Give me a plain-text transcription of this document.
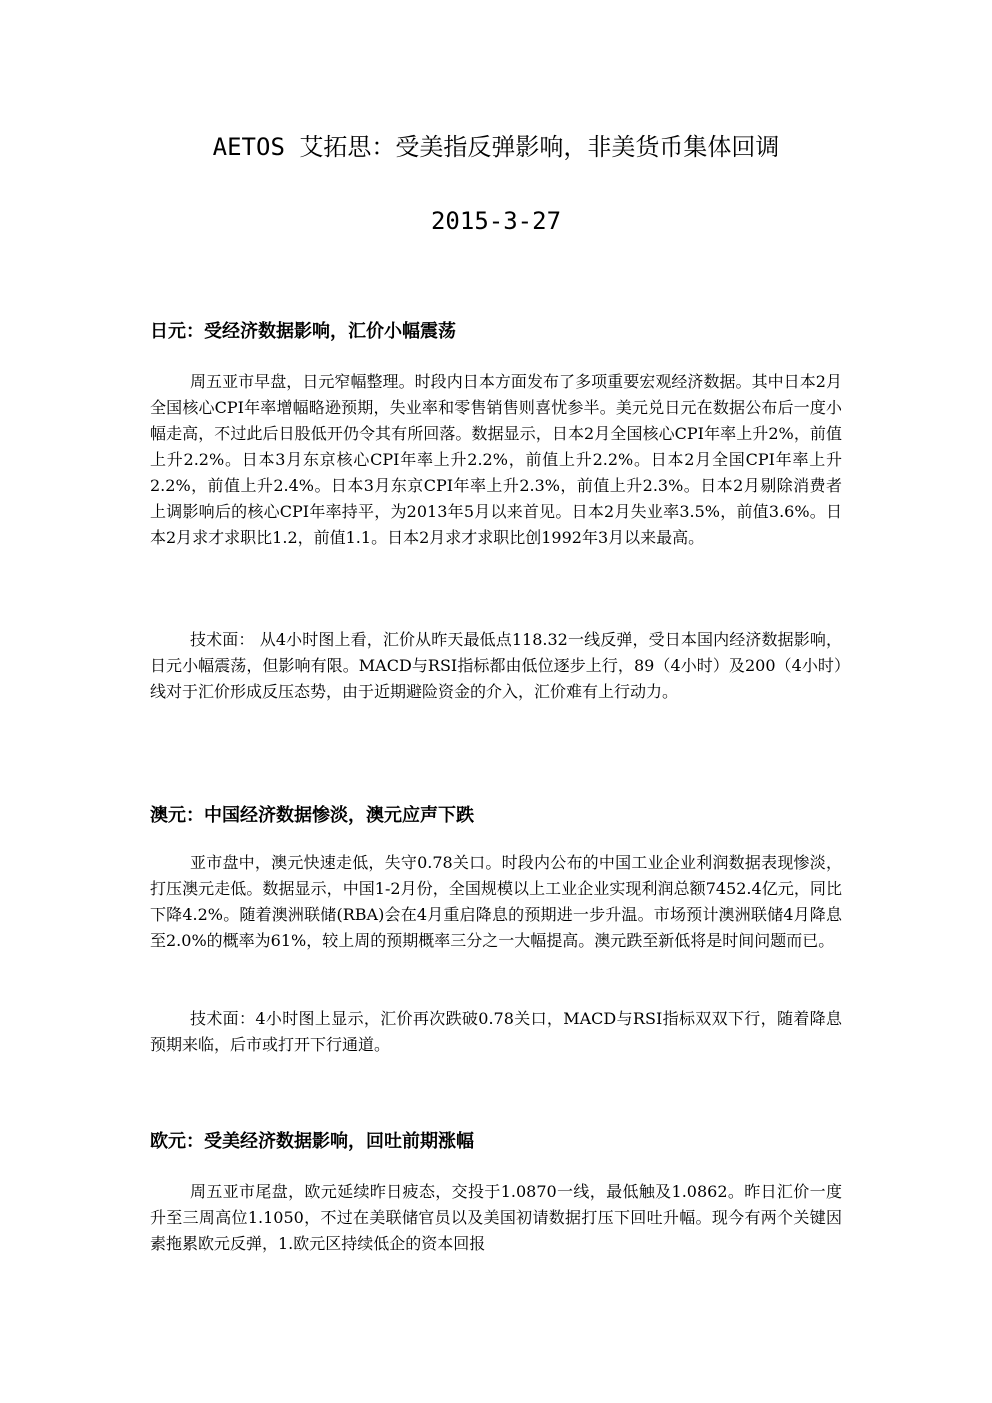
AETOS 艾拓思：受美指反弹影响，非美货币集体回调
2015-3-27
日元：受经济数据影响，汇价小幅震荡

周五亚市早盘，日元窄幅整理。时段内日本方面发布了多项重要宏观经济数据。其中日本2月全国核心CPI年率增幅略逊预期，失业率和零售销售则喜忧参半。美元兑日元在数据公布后一度小幅走高，不过此后日股低开仍令其有所回落。数据显示，日本2月全国核心CPI年率上升2%，前值上升2.2%。日本3月东京核心CPI年率上升2.2%，前值上升2.2%。日本2月全国CPI年率上升2.2%，前值上升2.4%。日本3月东京CPI年率上升2.3%，前值上升2.3%。日本2月剔除消费者上调影响后的核心CPI年率持平，为2013年5月以来首见。日本2月失业率3.5%，前值3.6%。日本2月求才求职比1.2，前值1.1。日本2月求才求职比创1992年3月以来最高。

技术面： 从4小时图上看，汇价从昨天最低点118.32一线反弹，受日本国内经济数据影响，日元小幅震荡，但影响有限。MACD与RSI指标都由低位逐步上行，89（4小时）及200（4小时）线对于汇价形成反压态势，由于近期避险资金的介入，汇价难有上行动力。

澳元：中国经济数据惨淡，澳元应声下跌

亚市盘中，澳元快速走低，失守0.78关口。时段内公布的中国工业企业利润数据表现惨淡，打压澳元走低。数据显示，中国1-2月份，全国规模以上工业企业实现利润总额7452.4亿元，同比下降4.2%。随着澳洲联储(RBA)会在4月重启降息的预期进一步升温。市场预计澳洲联储4月降息至2.0%的概率为61%，较上周的预期概率三分之一大幅提高。澳元跌至新低将是时间问题而已。

技术面：4小时图上显示，汇价再次跌破0.78关口，MACD与RSI指标双双下行，随着降息预期来临，后市或打开下行通道。

欧元：受美经济数据影响，回吐前期涨幅

周五亚市尾盘，欧元延续昨日疲态，交投于1.0870一线，最低触及1.0862。昨日汇价一度升至三周高位1.1050，不过在美联储官员以及美国初请数据打压下回吐升幅。现今有两个关键因素拖累欧元反弹，1.欧元区持续低企的资本回报
